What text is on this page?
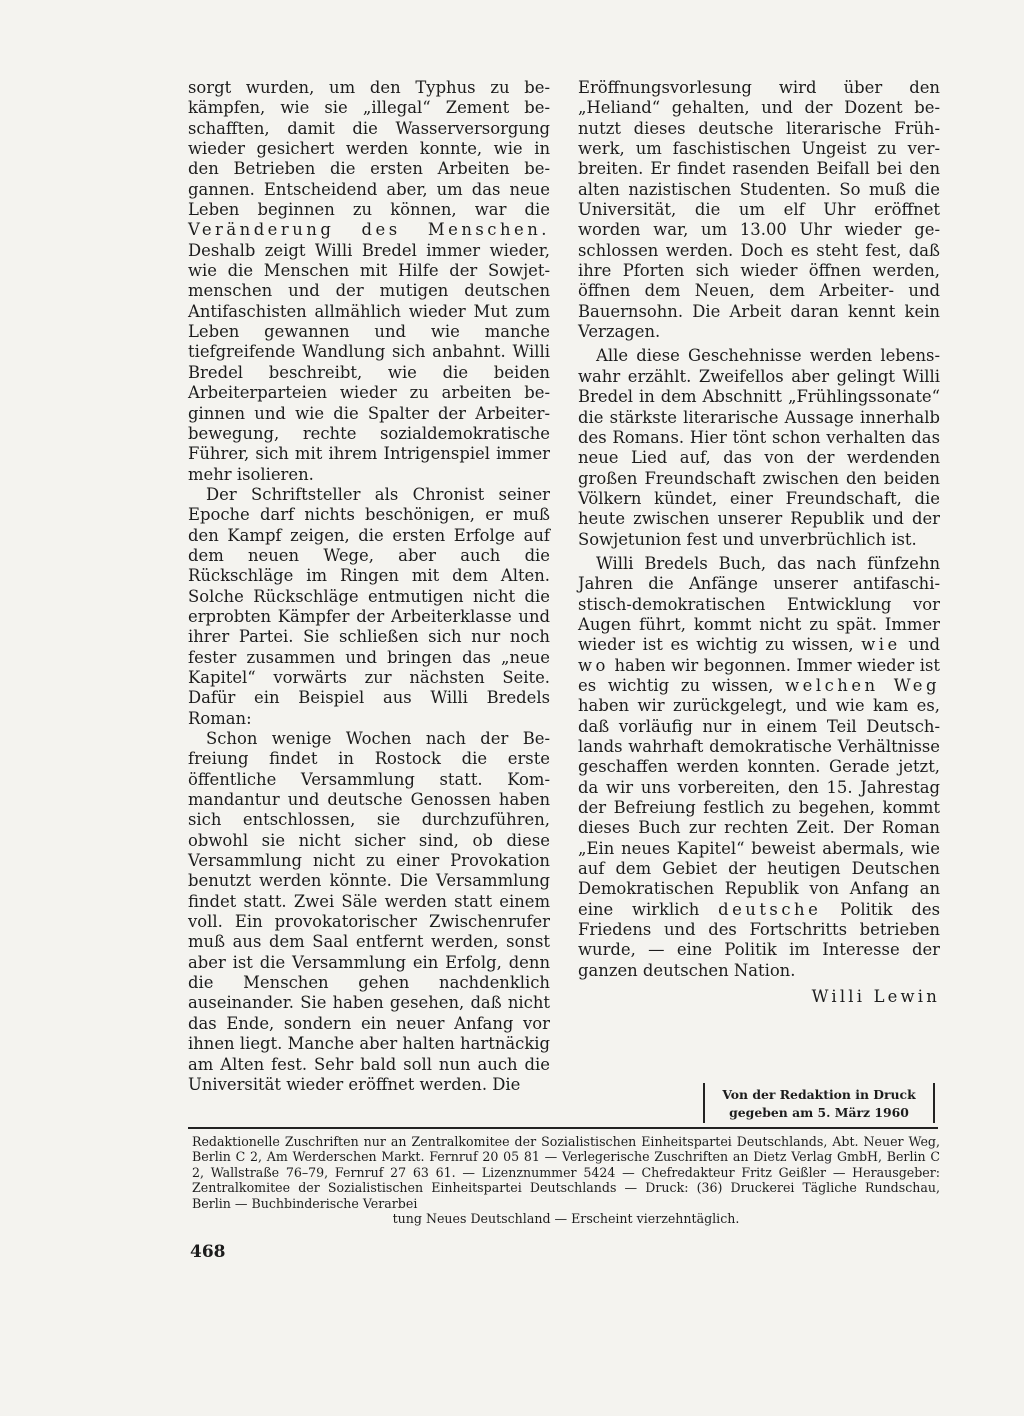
sorgt wurden, um den Typhus zu bekämpfen, wie sie „illegal“ Zement beschafften, damit die Wasserversorgung wieder gesichert werden konnte, wie in den Betrieben die ersten Arbeiten begannen. Entscheidend aber, um das neue Leben beginnen zu können, war die Veränderung des Menschen. Deshalb zeigt Willi Bredel immer wieder, wie die Menschen mit Hilfe der Sowjetmenschen und der mutigen deutschen Antifaschisten allmählich wieder Mut zum Leben gewannen und wie manche tiefgreifende Wandlung sich anbahnt. Willi Bredel beschreibt, wie die beiden Arbeiterparteien wieder zu arbeiten beginnen und wie die Spalter der Arbeiterbewegung, rechte sozialdemokratische Führer, sich mit ihrem Intrigenspiel immer mehr isolieren.

Der Schriftsteller als Chronist seiner Epoche darf nichts beschönigen, er muß den Kampf zeigen, die ersten Erfolge auf dem neuen Wege, aber auch die Rückschläge im Ringen mit dem Alten. Solche Rückschläge entmutigen nicht die erprobten Kämpfer der Arbeiterklasse und ihrer Partei. Sie schließen sich nur noch fester zusammen und bringen das „neue Kapitel“ vorwärts zur nächsten Seite. Dafür ein Beispiel aus Willi Bredels Roman:

Schon wenige Wochen nach der Befreiung findet in Rostock die erste öffentliche Versammlung statt. Kommandantur und deutsche Genossen haben sich entschlossen, sie durchzuführen, obwohl sie nicht sicher sind, ob diese Versammlung nicht zu einer Provokation benutzt werden könnte. Die Versammlung findet statt. Zwei Säle werden statt einem voll. Ein provokatorischer Zwischenrufer muß aus dem Saal entfernt werden, sonst aber ist die Versammlung ein Erfolg, denn die Menschen gehen nachdenklich auseinander. Sie haben gesehen, daß nicht das Ende, sondern ein neuer Anfang vor ihnen liegt. Manche aber halten hartnäckig am Alten fest. Sehr bald soll nun auch die Universität wieder eröffnet werden. Die

Eröffnungsvorlesung wird über den „Heliand“ gehalten, und der Dozent benutzt dieses deutsche literarische Frühwerk, um faschistischen Ungeist zu verbreiten. Er findet rasenden Beifall bei den alten nazistischen Studenten. So muß die Universität, die um elf Uhr eröffnet worden war, um 13.00 Uhr wieder geschlossen werden. Doch es steht fest, daß ihre Pforten sich wieder öffnen werden, öffnen dem Neuen, dem Arbeiter- und Bauernsohn. Die Arbeit daran kennt kein Verzagen.

Alle diese Geschehnisse werden lebenswahr erzählt. Zweifellos aber gelingt Willi Bredel in dem Abschnitt „Frühlingssonate“ die stärkste literarische Aussage innerhalb des Romans. Hier tönt schon verhalten das neue Lied auf, das von der werdenden großen Freundschaft zwischen den beiden Völkern kündet, einer Freundschaft, die heute zwischen unserer Republik und der Sowjetunion fest und unverbrüchlich ist.

Willi Bredels Buch, das nach fünfzehn Jahren die Anfänge unserer antifaschistisch-demokratischen Entwicklung vor Augen führt, kommt nicht zu spät. Immer wieder ist es wichtig zu wissen, wie und wo haben wir begonnen. Immer wieder ist es wichtig zu wissen, welchen Weg haben wir zurückgelegt, und wie kam es, daß vorläufig nur in einem Teil Deutschlands wahrhaft demokratische Verhältnisse geschaffen werden konnten. Gerade jetzt, da wir uns vorbereiten, den 15. Jahrestag der Befreiung festlich zu begehen, kommt dieses Buch zur rechten Zeit. Der Roman „Ein neues Kapitel“ beweist abermals, wie auf dem Gebiet der heutigen Deutschen Demokratischen Republik von Anfang an eine wirklich deutsche Politik des Friedens und des Fortschritts betrieben wurde, — eine Politik im Interesse der ganzen deutschen Nation.

Willi Lewin

Von der Redaktion in Druck
gegeben am 5. März 1960
Redaktionelle Zuschriften nur an Zentralkomitee der Sozialistischen Einheitspartei Deutschlands, Abt. Neuer Weg, Berlin C 2, Am Werderschen Markt. Fernruf 20 05 81 — Verlegerische Zuschriften an Dietz Verlag GmbH, Berlin C 2, Wallstraße 76–79, Fernruf 27 63 61. — Lizenznummer 5424 — Chefredakteur Fritz Geißler — Herausgeber: Zentralkomitee der Sozialistischen Einheitspartei Deutschlands — Druck: (36) Druckerei Tägliche Rundschau, Berlin — Buchbinderische Verarbei
tung Neues Deutschland — Erscheint vierzehntäglich.
468
